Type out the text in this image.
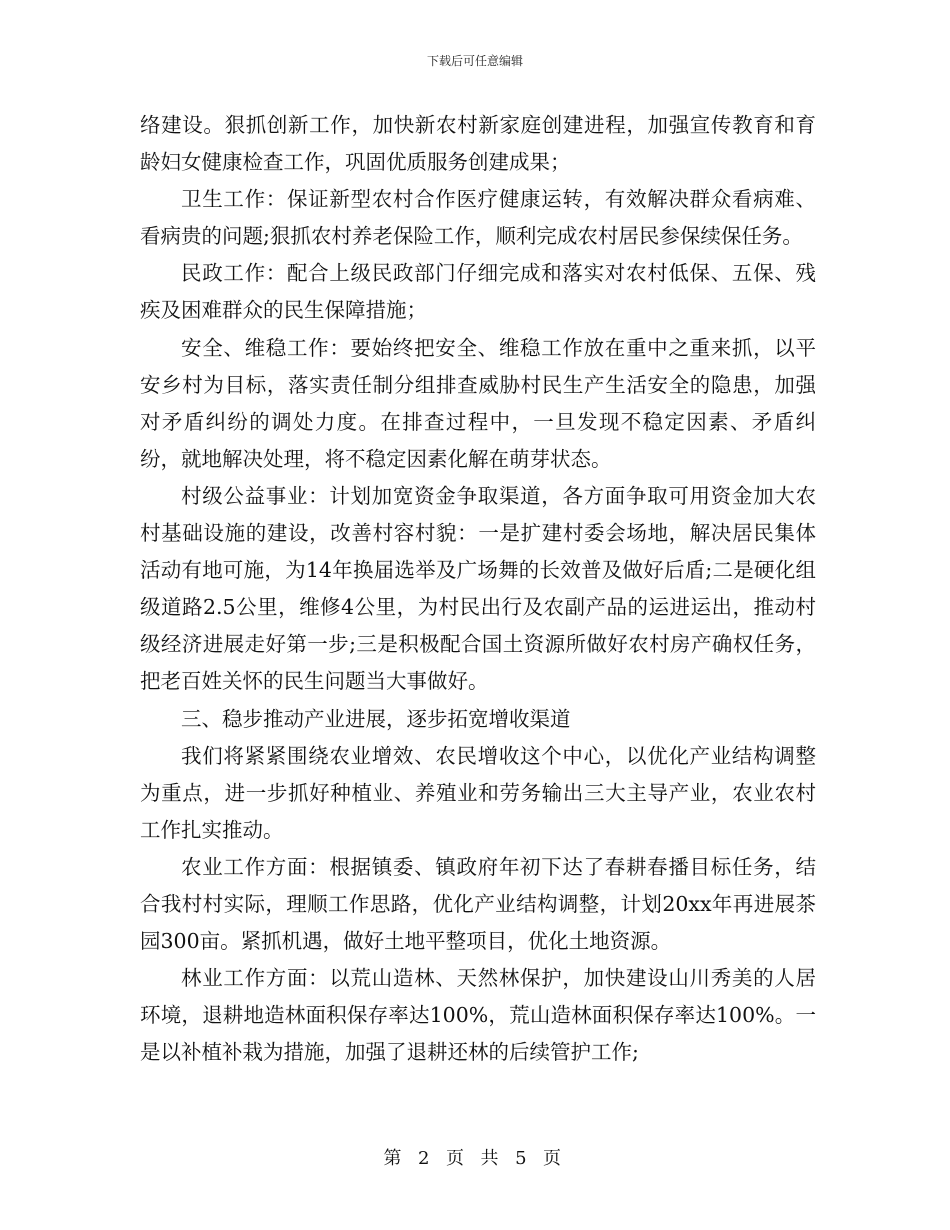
下载后可任意编辑

络建设。狠抓创新工作，加快新农村新家庭创建进程，加强宣传教育和育龄妇女健康检查工作，巩固优质服务创建成果；

卫生工作：保证新型农村合作医疗健康运转，有效解决群众看病难、看病贵的问题;狠抓农村养老保险工作，顺利完成农村居民参保续保任务。

民政工作：配合上级民政部门仔细完成和落实对农村低保、五保、残疾及困难群众的民生保障措施；

安全、维稳工作：要始终把安全、维稳工作放在重中之重来抓，以平安乡村为目标，落实责任制分组排查威胁村民生产生活安全的隐患，加强对矛盾纠纷的调处力度。在排查过程中，一旦发现不稳定因素、矛盾纠纷，就地解决处理，将不稳定因素化解在萌芽状态。

村级公益事业：计划加宽资金争取渠道，各方面争取可用资金加大农村基础设施的建设，改善村容村貌：一是扩建村委会场地，解决居民集体活动有地可施，为14年换届选举及广场舞的长效普及做好后盾;二是硬化组级道路2.5公里，维修4公里，为村民出行及农副产品的运进运出，推动村级经济进展走好第一步;三是积极配合国土资源所做好农村房产确权任务，把老百姓关怀的民生问题当大事做好。

三、稳步推动产业进展，逐步拓宽增收渠道

我们将紧紧围绕农业增效、农民增收这个中心，以优化产业结构调整为重点，进一步抓好种植业、养殖业和劳务输出三大主导产业，农业农村工作扎实推动。

农业工作方面：根据镇委、镇政府年初下达了春耕春播目标任务，结合我村村实际，理顺工作思路，优化产业结构调整，计划20xx年再进展茶园300亩。紧抓机遇，做好土地平整项目，优化土地资源。

林业工作方面：以荒山造林、天然林保护，加快建设山川秀美的人居环境，退耕地造林面积保存率达100%，荒山造林面积保存率达100%。一是以补植补栽为措施，加强了退耕还林的后续管护工作;

第 2 页 共 5 页
